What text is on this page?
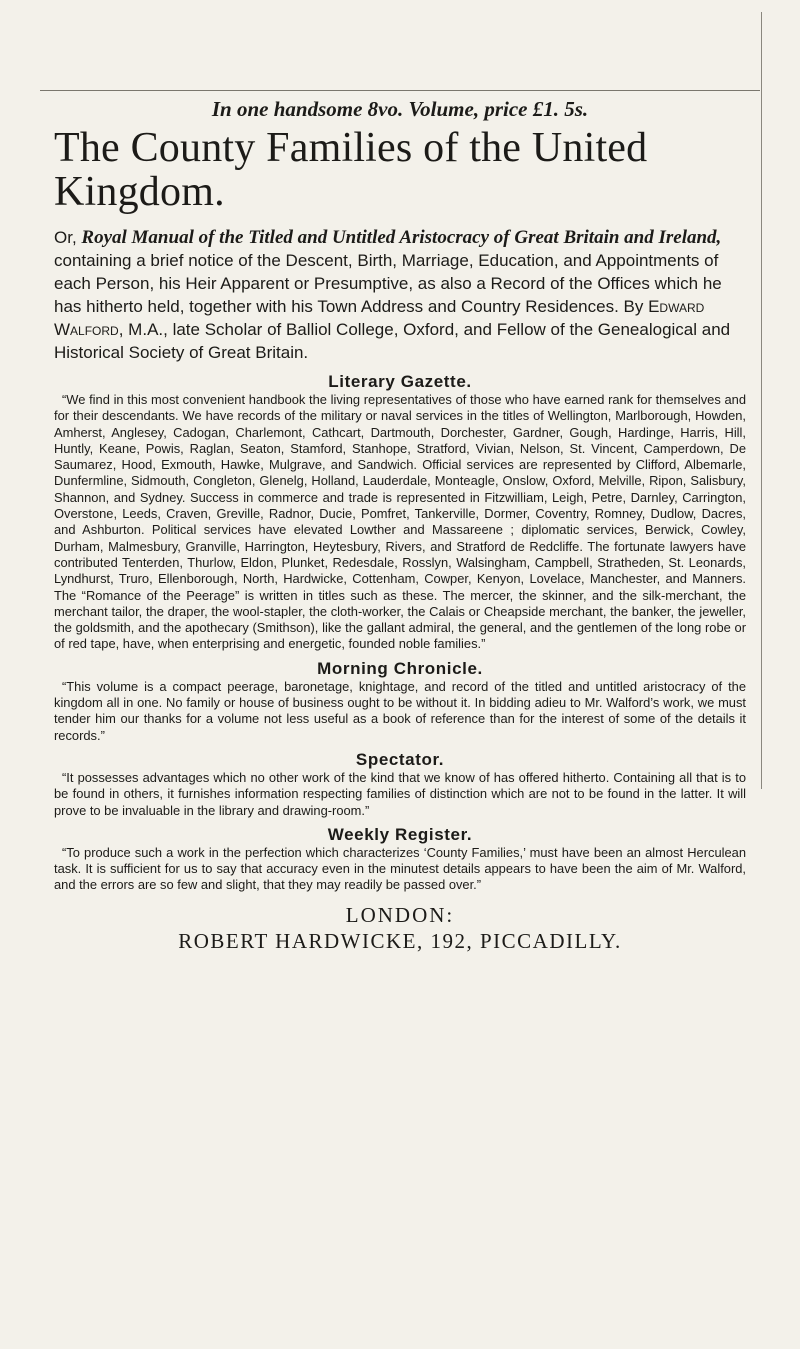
In one handsome 8vo. Volume, price £1. 5s.

The County Families of the United Kingdom.

Or, Royal Manual of the Titled and Untitled Aristocracy of Great Britain and Ireland, containing a brief notice of the Descent, Birth, Marriage, Education, and Appointments of each Person, his Heir Apparent or Presumptive, as also a Record of the Offices which he has hitherto held, together with his Town Address and Country Residences. By Edward Walford, M.A., late Scholar of Balliol College, Oxford, and Fellow of the Genealogical and Historical Society of Great Britain.

Literary Gazette.

“We find in this most convenient handbook the living representatives of those who have earned rank for themselves and for their descendants. We have records of the military or naval services in the titles of Wellington, Marlborough, Howden, Amherst, Anglesey, Cadogan, Charlemont, Cathcart, Dartmouth, Dorchester, Gardner, Gough, Hardinge, Harris, Hill, Huntly, Keane, Powis, Raglan, Seaton, Stamford, Stanhope, Stratford, Vivian, Nelson, St. Vincent, Camperdown, De Saumarez, Hood, Exmouth, Hawke, Mulgrave, and Sandwich. Official services are represented by Clifford, Albemarle, Dunfermline, Sidmouth, Congleton, Glenelg, Holland, Lauderdale, Monteagle, Onslow, Oxford, Melville, Ripon, Salisbury, Shannon, and Sydney. Success in commerce and trade is represented in Fitzwilliam, Leigh, Petre, Darnley, Carrington, Overstone, Leeds, Craven, Greville, Radnor, Ducie, Pomfret, Tankerville, Dormer, Coventry, Romney, Dudlow, Dacres, and Ashburton. Political services have elevated Lowther and Massareene ; diplomatic services, Berwick, Cowley, Durham, Malmesbury, Granville, Harrington, Heytesbury, Rivers, and Stratford de Redcliffe. The fortunate lawyers have contributed Tenterden, Thurlow, Eldon, Plunket, Redesdale, Rosslyn, Walsingham, Campbell, Stratheden, St. Leonards, Lyndhurst, Truro, Ellenborough, North, Hardwicke, Cottenham, Cowper, Kenyon, Lovelace, Manchester, and Manners. The “Romance of the Peerage” is written in titles such as these. The mercer, the skinner, and the silk-merchant, the merchant tailor, the draper, the wool-stapler, the cloth-worker, the Calais or Cheapside merchant, the banker, the jeweller, the goldsmith, and the apothecary (Smithson), like the gallant admiral, the general, and the gentlemen of the long robe or of red tape, have, when enterprising and energetic, founded noble families.”

Morning Chronicle.

“This volume is a compact peerage, baronetage, knightage, and record of the titled and untitled aristocracy of the kingdom all in one. No family or house of business ought to be without it. In bidding adieu to Mr. Walford’s work, we must tender him our thanks for a volume not less useful as a book of reference than for the interest of some of the details it records.”

Spectator.

“It possesses advantages which no other work of the kind that we know of has offered hitherto. Containing all that is to be found in others, it furnishes information respecting families of distinction which are not to be found in the latter. It will prove to be invaluable in the library and drawing-room.”

Weekly Register.

“To produce such a work in the perfection which characterizes ‘County Families,’ must have been an almost Herculean task. It is sufficient for us to say that accuracy even in the minutest details appears to have been the aim of Mr. Walford, and the errors are so few and slight, that they may readily be passed over.”

LONDON:
ROBERT HARDWICKE, 192, PICCADILLY.
